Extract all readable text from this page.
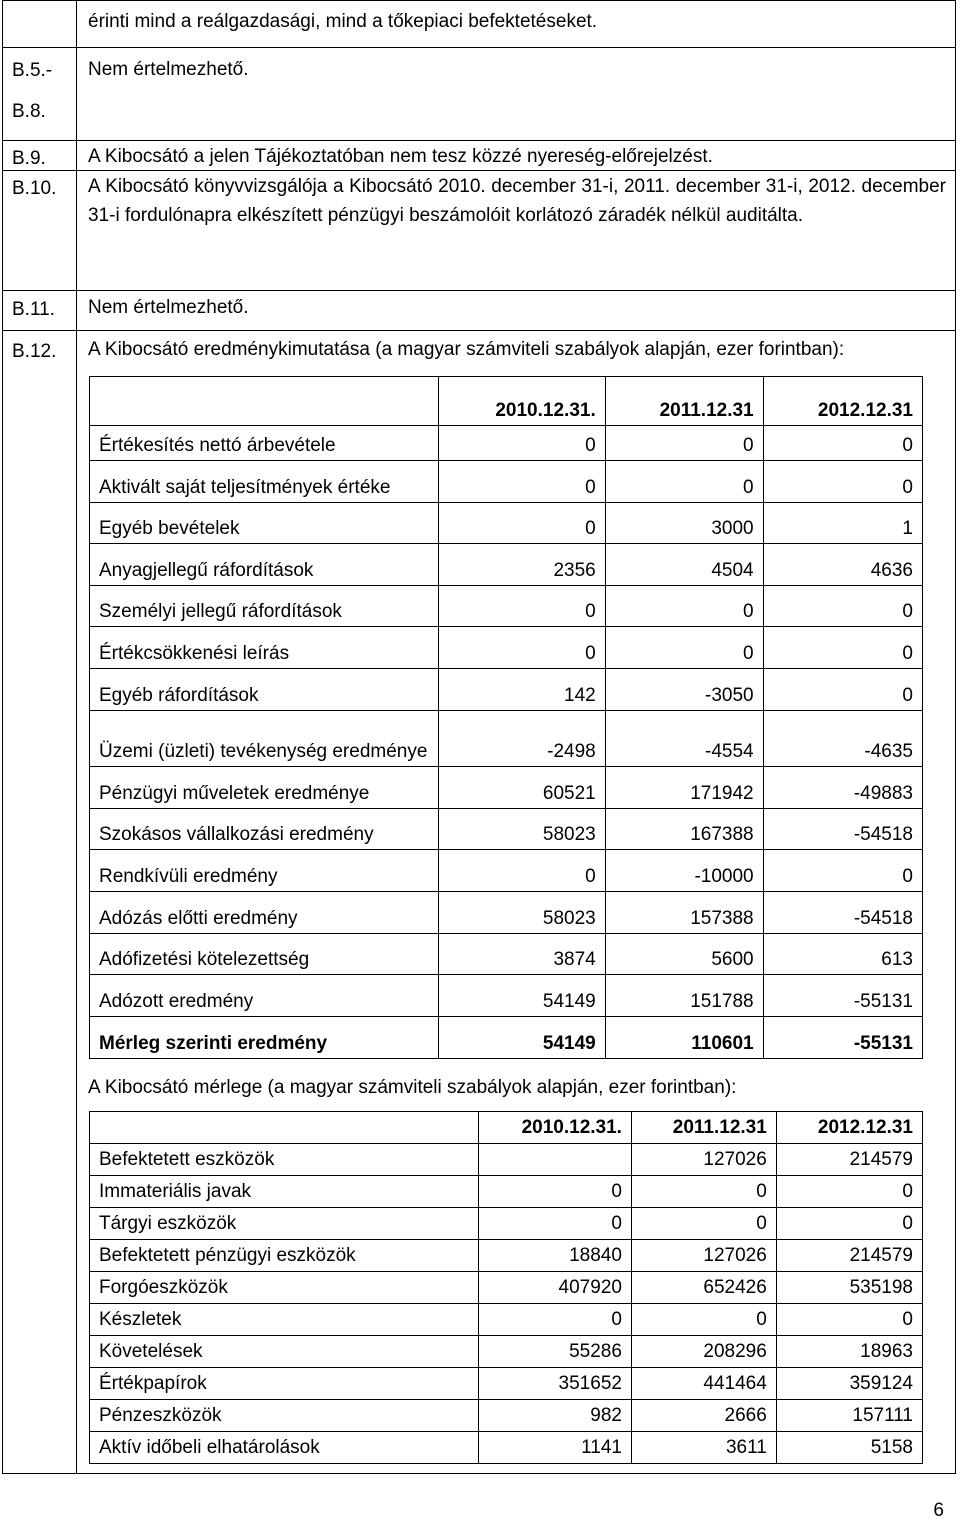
érinti mind a reálgazdasági, mind a tőkepiaci befektetéseket.
B.5.- Nem értelmezhető.
B.8.
B.9. A Kibocsátó a jelen Tájékoztatóban nem tesz közzé nyereség-előrejelzést.
B.10. A Kibocsátó könyvvizsgálója a Kibocsátó 2010. december 31-i, 2011. december 31-i, 2012. december 31-i fordulónapra elkészített pénzügyi beszámolóit korlátozó záradék nélkül auditálta.
B.11. Nem értelmezhető.
B.12. A Kibocsátó eredménykimutatása (a magyar számviteli szabályok alapján, ezer forintban):
	2010.12.31.	2011.12.31	2012.12.31
Értékesítés nettó árbevétele	0	0	0
Aktivált saját teljesítmények értéke	0	0	0
Egyéb bevételek	0	3000	1
Anyagjellegű ráfordítások	2356	4504	4636
Személyi jellegű ráfordítások	0	0	0
Értékcsökkenési leírás	0	0	0
Egyéb ráfordítások	142	-3050	0
Üzemi (üzleti) tevékenység eredménye	-2498	-4554	-4635
Pénzügyi műveletek eredménye	60521	171942	-49883
Szokásos vállalkozási eredmény	58023	167388	-54518
Rendkívüli eredmény	0	-10000	0
Adózás előtti eredmény	58023	157388	-54518
Adófizetési kötelezettség	3874	5600	613
Adózott eredmény	54149	151788	-55131
Mérleg szerinti eredmény	54149	110601	-55131
A Kibocsátó mérlege (a magyar számviteli szabályok alapján, ezer forintban):
	2010.12.31.	2011.12.31	2012.12.31
Befektetett eszközök		127026	214579
Immateriális javak	0	0	0
Tárgyi eszközök	0	0	0
Befektetett pénzügyi eszközök	18840	127026	214579
Forgóeszközök	407920	652426	535198
Készletek	0	0	0
Követelések	55286	208296	18963
Értékpapírok	351652	441464	359124
Pénzeszközök	982	2666	157111
Aktív időbeli elhatárolások	1141	3611	5158
6
